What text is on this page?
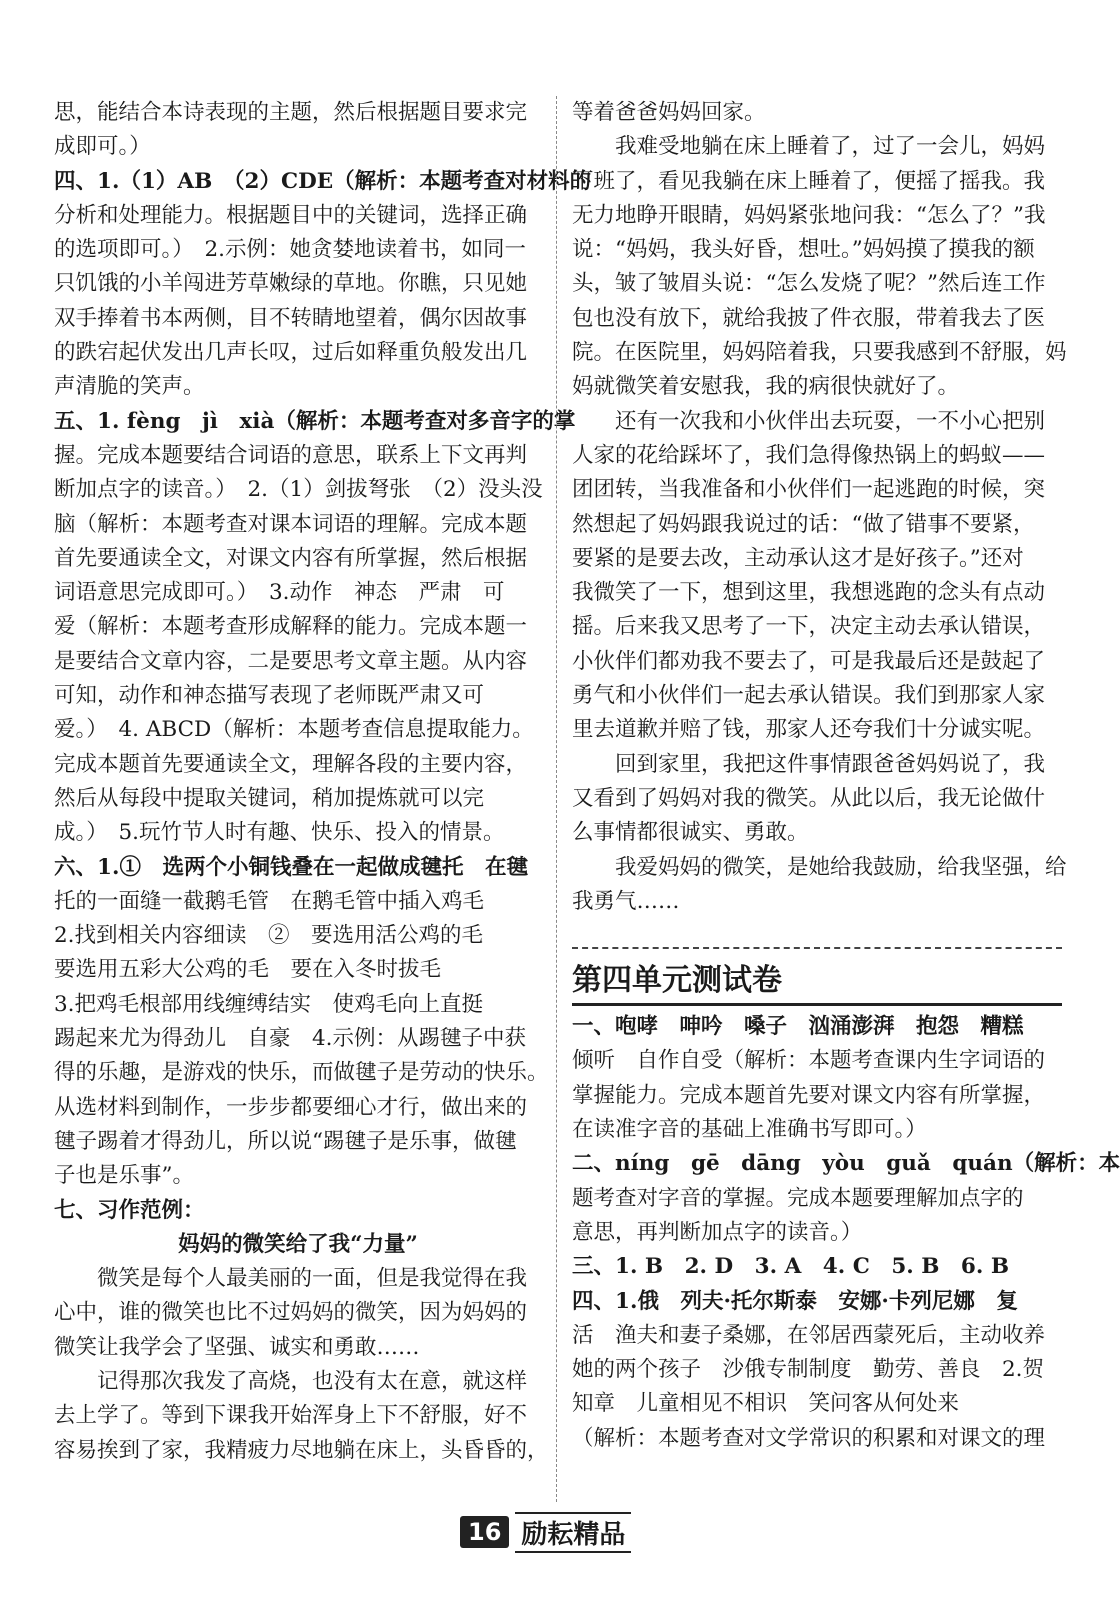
思，能结合本诗表现的主题，然后根据题目要求完
成即可。）
四、1.（1）AB　（2）CDE（解析：本题考查对材料的
分析和处理能力。根据题目中的关键词，选择正确
的选项即可。）　2.示例：她贪婪地读着书，如同一
只饥饿的小羊闯进芳草嫩绿的草地。你瞧，只见她
双手捧着书本两侧，目不转睛地望着，偶尔因故事
的跌宕起伏发出几声长叹，过后如释重负般发出几
声清脆的笑声。
五、1. fèng　jì　xià（解析：本题考查对多音字的掌
握。完成本题要结合词语的意思，联系上下文再判
断加点字的读音。）　2.（1）剑拔弩张　（2）没头没
脑（解析：本题考查对课本词语的理解。完成本题
首先要通读全文，对课文内容有所掌握，然后根据
词语意思完成即可。）　3.动作　神态　严肃　可
爱（解析：本题考查形成解释的能力。完成本题一
是要结合文章内容，二是要思考文章主题。从内容
可知，动作和神态描写表现了老师既严肃又可
爱。）　4. ABCD（解析：本题考查信息提取能力。
完成本题首先要通读全文，理解各段的主要内容，
然后从每段中提取关键词，稍加提炼就可以完
成。）　5.玩竹节人时有趣、快乐、投入的情景。
六、1.①　选两个小铜钱叠在一起做成毽托　在毽
托的一面缝一截鹅毛管　在鹅毛管中插入鸡毛
2.找到相关内容细读　②　要选用活公鸡的毛
要选用五彩大公鸡的毛　要在入冬时拔毛
3.把鸡毛根部用线缠缚结实　使鸡毛向上直挺
踢起来尤为得劲儿　自豪　4.示例：从踢毽子中获
得的乐趣，是游戏的快乐，而做毽子是劳动的快乐。
从选材料到制作，一步步都要细心才行，做出来的
毽子踢着才得劲儿，所以说“踢毽子是乐事，做毽
子也是乐事”。
七、习作范例：
妈妈的微笑给了我“力量”
微笑是每个人最美丽的一面，但是我觉得在我
心中，谁的微笑也比不过妈妈的微笑，因为妈妈的
微笑让我学会了坚强、诚实和勇敢……
记得那次我发了高烧，也没有太在意，就这样
去上学了。等到下课我开始浑身上下不舒服，好不
容易挨到了家，我精疲力尽地躺在床上，头昏昏的，
等着爸爸妈妈回家。
我难受地躺在床上睡着了，过了一会儿，妈妈
下班了，看见我躺在床上睡着了，便摇了摇我。我
无力地睁开眼睛，妈妈紧张地问我：“怎么了？”我
说：“妈妈，我头好昏，想吐。”妈妈摸了摸我的额
头，皱了皱眉头说：“怎么发烧了呢？”然后连工作
包也没有放下，就给我披了件衣服，带着我去了医
院。在医院里，妈妈陪着我，只要我感到不舒服，妈
妈就微笑着安慰我，我的病很快就好了。
还有一次我和小伙伴出去玩耍，一不小心把别
人家的花给踩坏了，我们急得像热锅上的蚂蚁——
团团转，当我准备和小伙伴们一起逃跑的时候，突
然想起了妈妈跟我说过的话：“做了错事不要紧，
要紧的是要去改，主动承认这才是好孩子。”还对
我微笑了一下，想到这里，我想逃跑的念头有点动
摇。后来我又思考了一下，决定主动去承认错误，
小伙伴们都劝我不要去了，可是我最后还是鼓起了
勇气和小伙伴们一起去承认错误。我们到那家人家
里去道歉并赔了钱，那家人还夸我们十分诚实呢。
回到家里，我把这件事情跟爸爸妈妈说了，我
又看到了妈妈对我的微笑。从此以后，我无论做什
么事情都很诚实、勇敢。
我爱妈妈的微笑，是她给我鼓励，给我坚强，给
我勇气……
第四单元测试卷
一、咆哮　呻吟　嗓子　汹涌澎湃　抱怨　糟糕
倾听　自作自受（解析：本题考查课内生字词语的
掌握能力。完成本题首先要对课文内容有所掌握，
在读准字音的基础上准确书写即可。）
二、níng　gē　dāng　yòu　guǎ　quán（解析：本
题考查对字音的掌握。完成本题要理解加点字的
意思，再判断加点字的读音。）
三、1. B　2. D　3. A　4. C　5. B　6. B
四、1.俄　列夫·托尔斯泰　安娜·卡列尼娜　复
活　渔夫和妻子桑娜，在邻居西蒙死后，主动收养
她的两个孩子　沙俄专制制度　勤劳、善良　2.贺
知章　儿童相见不相识　笑问客从何处来
（解析：本题考查对文学常识的积累和对课文的理
16 励耘精品
